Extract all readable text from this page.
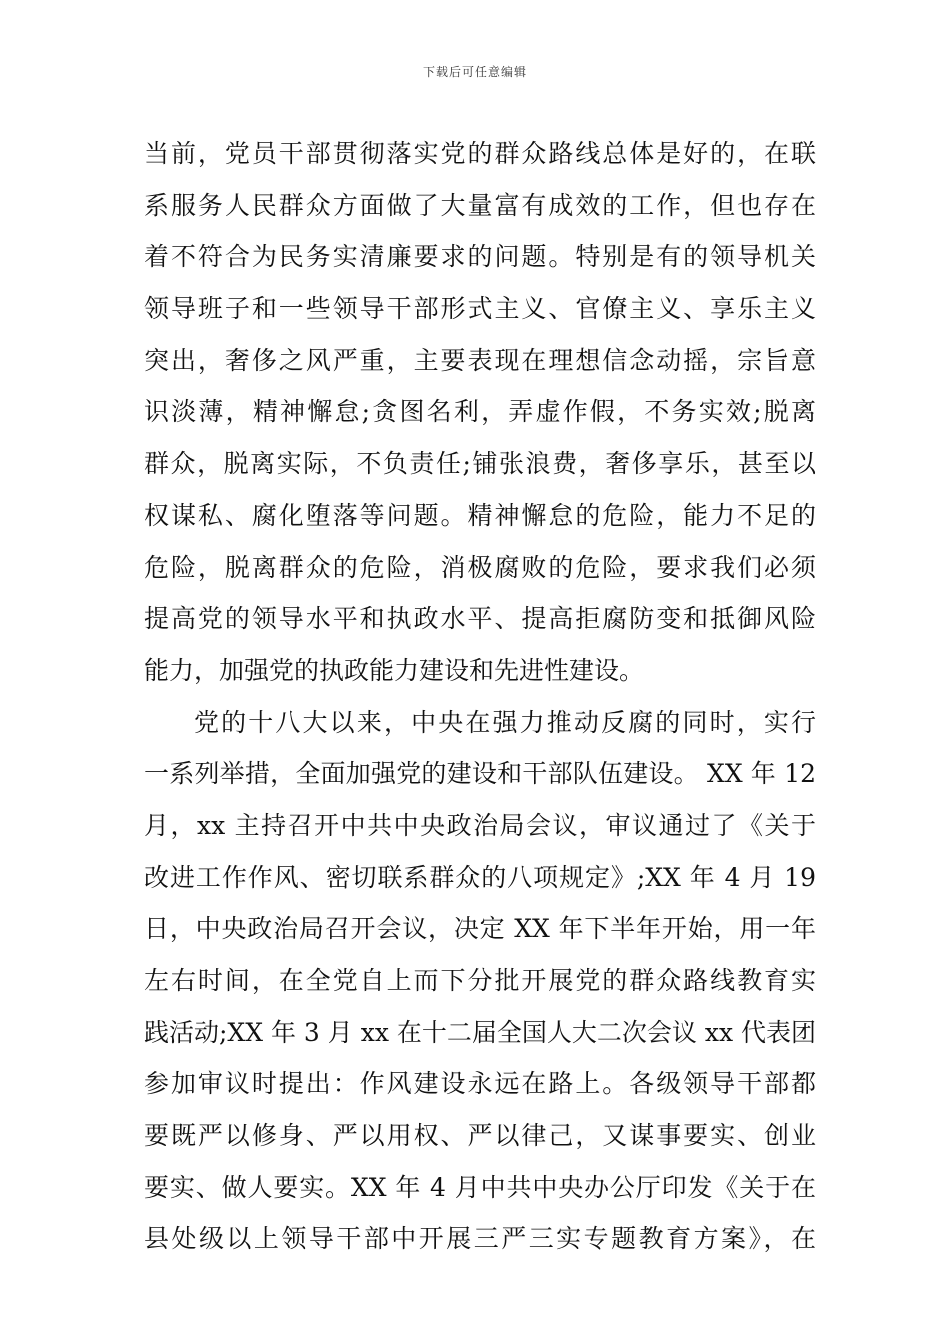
下载后可任意编辑
当前，党员干部贯彻落实党的群众路线总体是好的，在联
系服务人民群众方面做了大量富有成效的工作，但也存在
着不符合为民务实清廉要求的问题。特别是有的领导机关
领导班子和一些领导干部形式主义、官僚主义、享乐主义
突出，奢侈之风严重，主要表现在理想信念动摇，宗旨意
识淡薄，精神懈怠;贪图名利，弄虚作假，不务实效;脱离
群众，脱离实际，不负责任;铺张浪费，奢侈享乐，甚至以
权谋私、腐化堕落等问题。精神懈怠的危险，能力不足的
危险，脱离群众的危险，消极腐败的危险，要求我们必须
提高党的领导水平和执政水平、提高拒腐防变和抵御风险
能力，加强党的执政能力建设和先进性建设。
党的十八大以来，中央在强力推动反腐的同时，实行
一系列举措，全面加强党的建设和干部队伍建设。 XX 年 12
月，xx 主持召开中共中央政治局会议，审议通过了《关于
改进工作作风、密切联系群众的八项规定》;XX 年 4 月 19
日，中央政治局召开会议，决定 XX 年下半年开始，用一年
左右时间，在全党自上而下分批开展党的群众路线教育实
践活动;XX 年 3 月 xx 在十二届全国人大二次会议 xx 代表团
参加审议时提出：作风建设永远在路上。各级领导干部都
要既严以修身、严以用权、严以律己，又谋事要实、创业
要实、做人要实。XX 年 4 月中共中央办公厅印发《关于在
县处级以上领导干部中开展三严三实专题教育方案》，在
